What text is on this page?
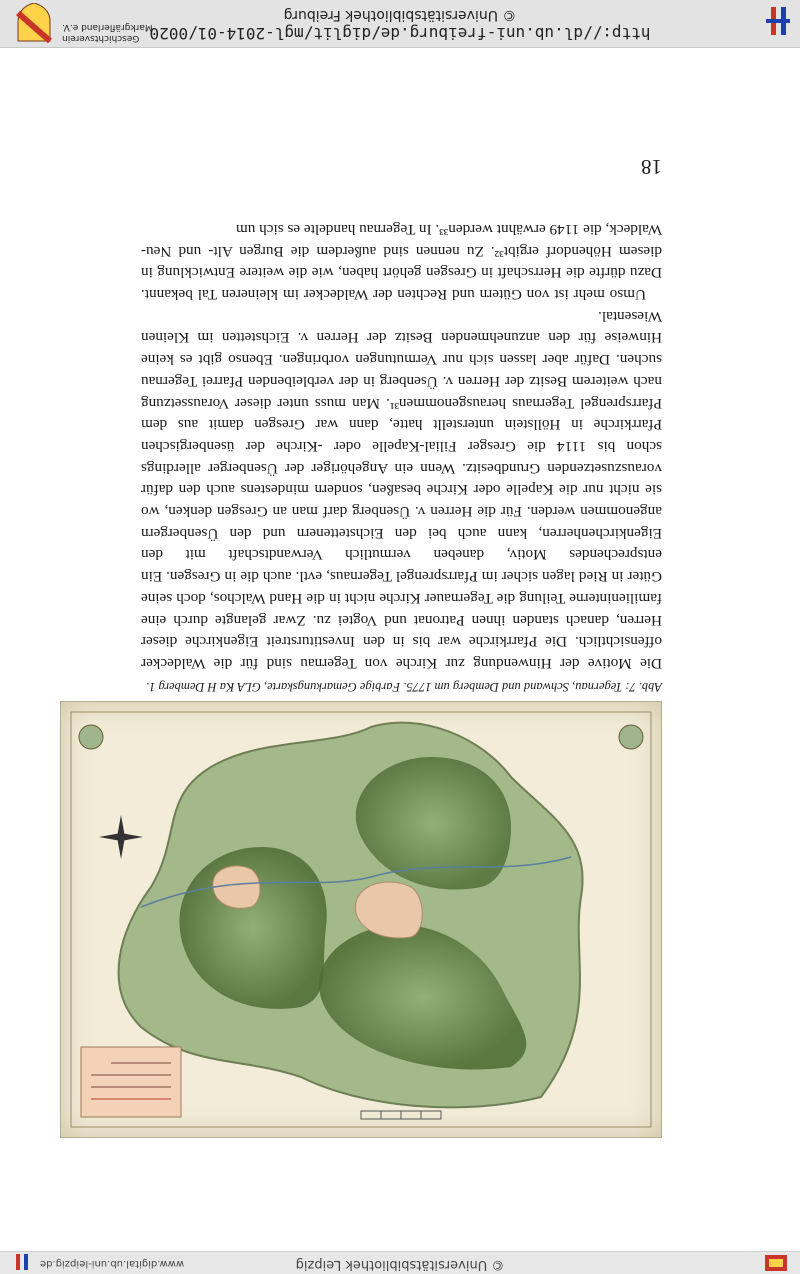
www.digital.ub.uni-leipzig.de	© Universitätsbibliothek Leipzig
Abb. 7: Tegernau, Schwand und Demberg um 1775. Farbige Gemarkungskarte, GLA Ka H Demberg 1.

Die Motive der Hinwendung zur Kirche von Tegernau sind für die Waldecker offensichtlich. Die Pfarrkirche war bis in den Investiturstreit Eigenkirche dieser Herren, danach standen ihnen Patronat und Vogtei zu. Zwar gelangte durch eine familieninterne Teilung die Tegernauer Kirche nicht in die Hand Walchos, doch seine Güter in Ried lagen sicher im Pfarrsprengel Tegernaus, evtl. auch die in Gresgen. Ein entsprechendes Motiv, daneben vermutlich Verwandtschaft mit den Eigenkirchenherren, kann auch bei den Eichstettenern und den Üsenbergern angenommen werden. Für die Herren v. Üsenberg darf man an Gresgen denken, wo sie nicht nur die Kapelle oder Kirche besaßen, sondern mindestens auch den dafür vorauszusetzenden Grundbesitz. Wenn ein Angehöriger der Üsenberger allerdings schon bis 1114 die Gresger Filial-Kapelle oder -Kirche der üsenbergischen Pfarrkirche in Höllstein unterstellt hatte, dann war Gresgen damit aus dem Pfarrsprengel Tegernaus herausgenommen³¹. Man muss unter dieser Voraussetzung nach weiterem Besitz der Herren v. Üsenberg in der verbleibenden Pfarrei Tegernau suchen. Dafür aber lassen sich nur Vermutungen vorbringen. Ebenso gibt es keine Hinweise für den anzunehmenden Besitz der Herren v. Eichstetten im Kleinen Wiesental.

Umso mehr ist von Gütern und Rechten der Waldecker im kleineren Tal bekannt. Dazu dürfte die Herrschaft in Gresgen gehört haben, wie die weitere Entwicklung in diesem Höhendorf ergibt³². Zu nennen sind außerdem die Burgen Alt- und Neu-Waldeck, die 1149 erwähnt werden³³. In Tegernau handelte es sich um

18
http://dl.ub.uni-freiburg.de/diglit/mgl-2014-01/0020
© Universitätsbibliothek Freiburg
Geschichtsverein
Markgräflerland e.V.
